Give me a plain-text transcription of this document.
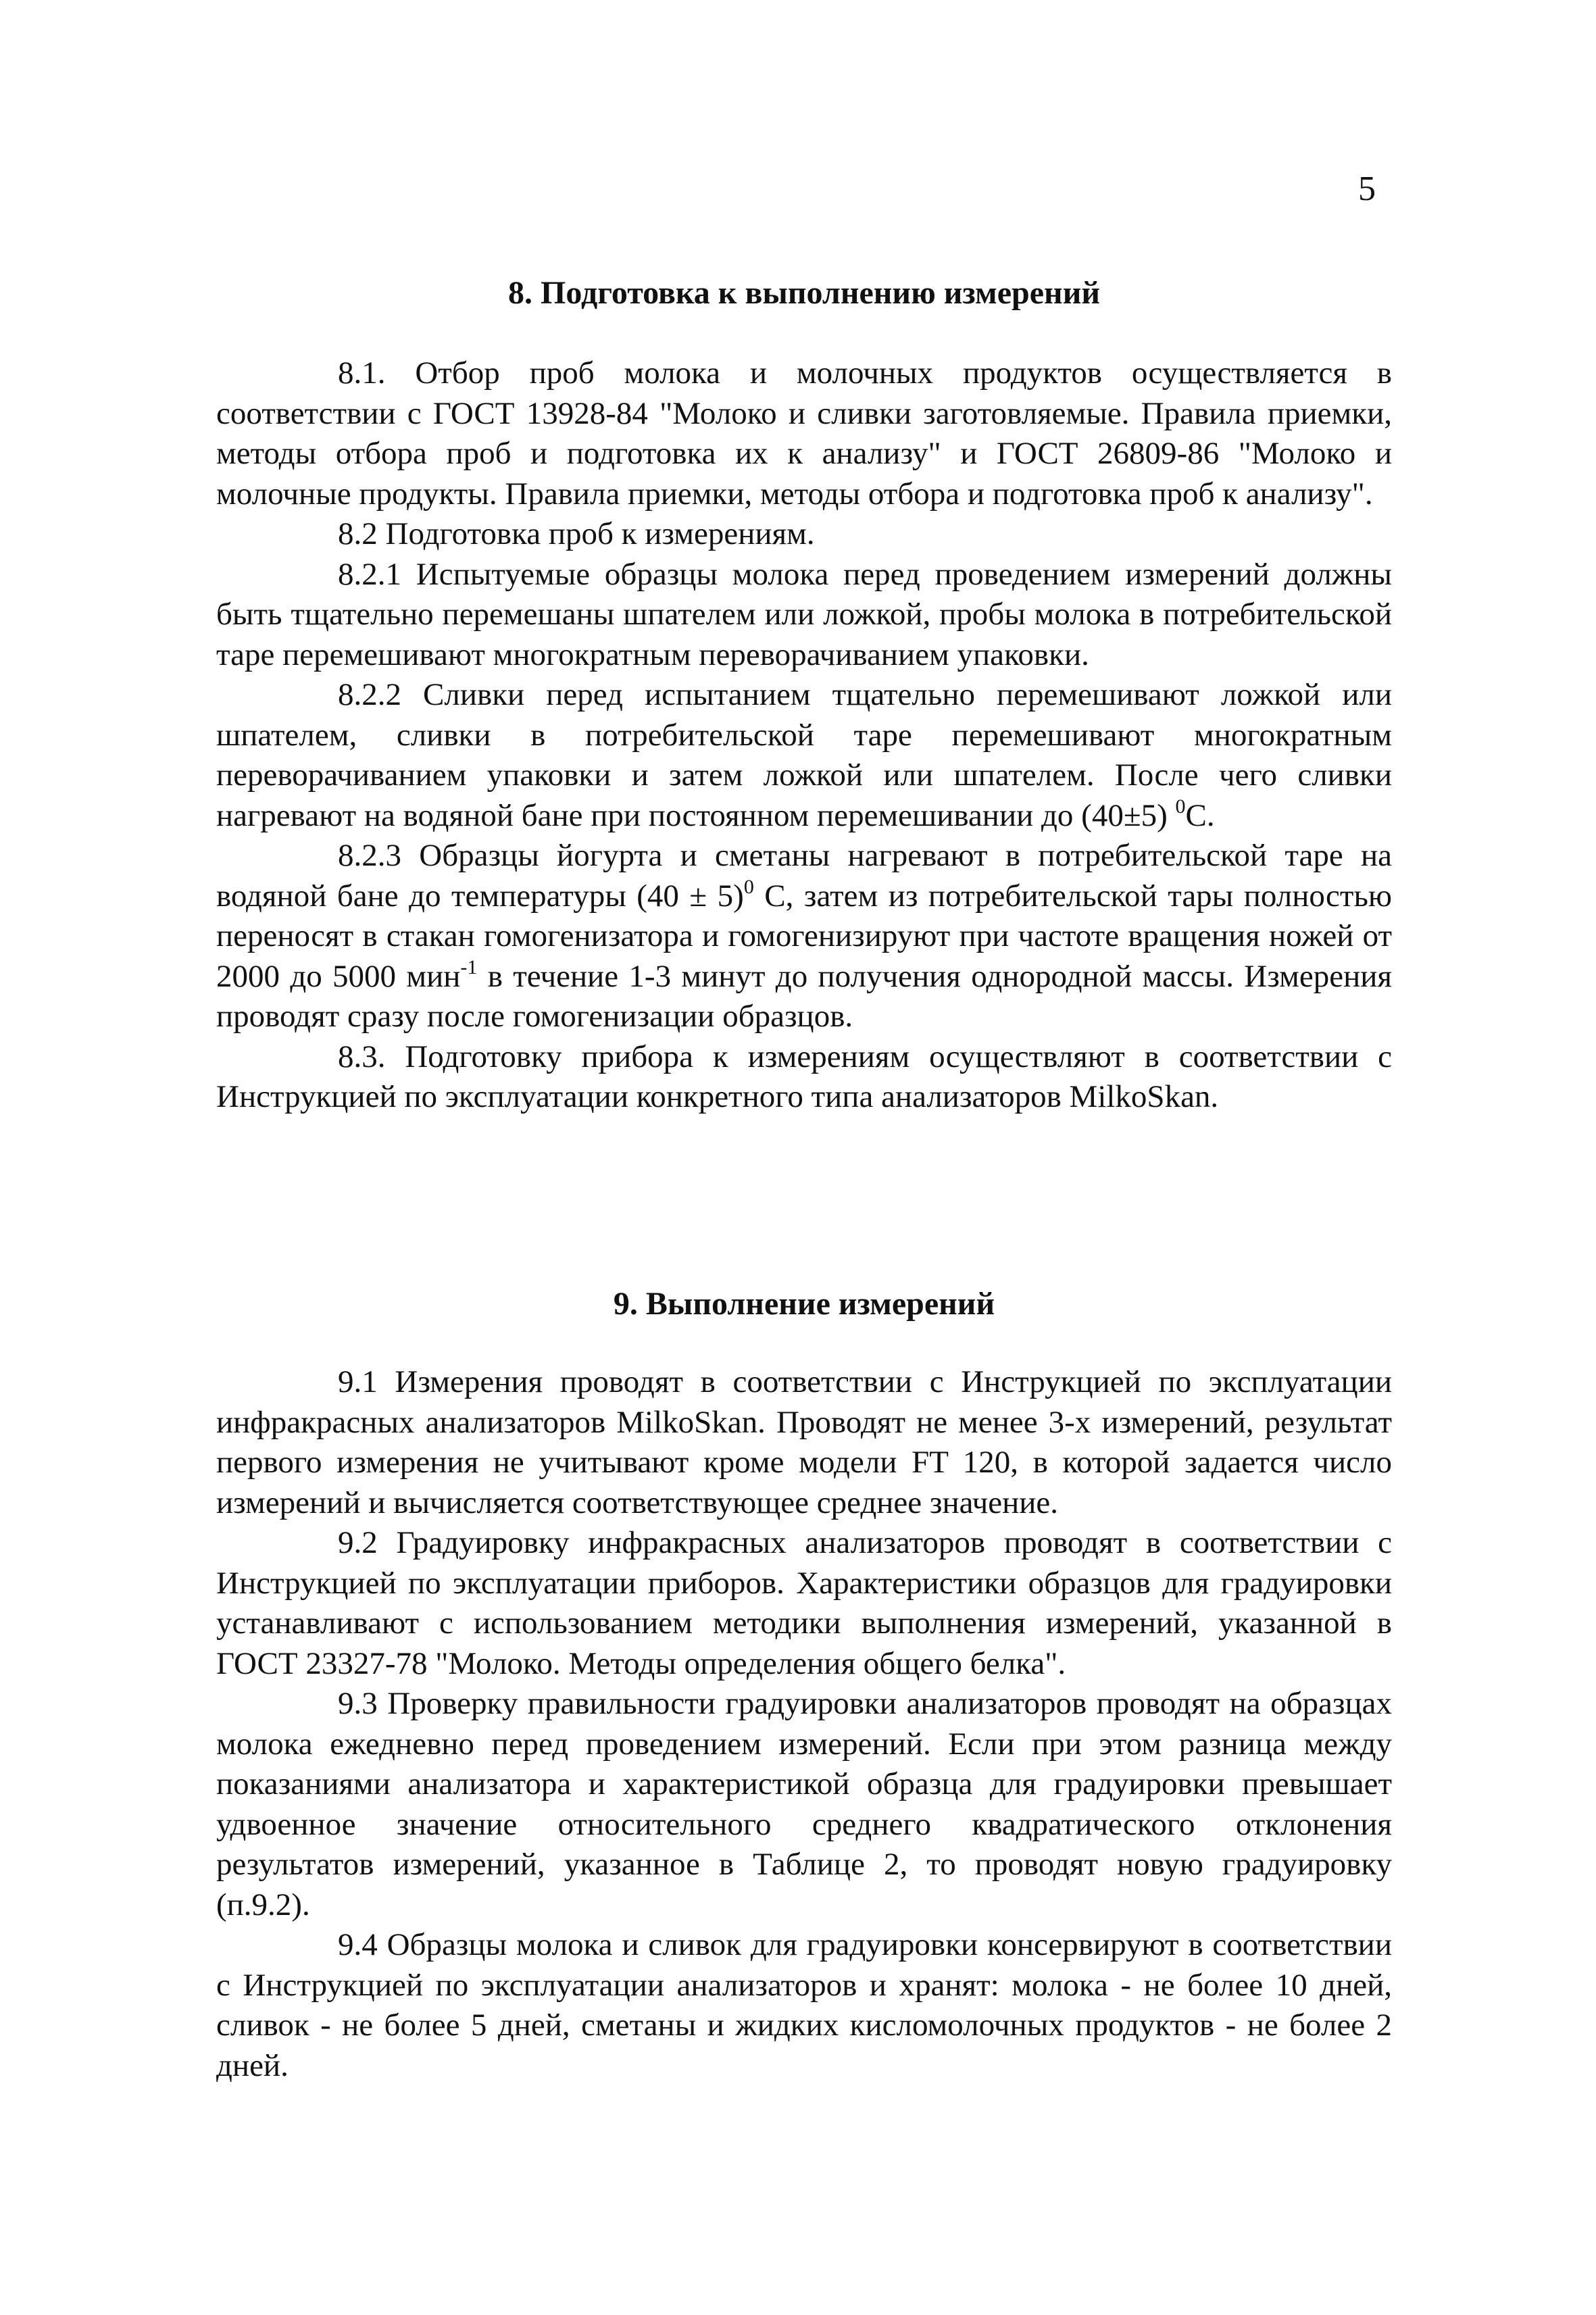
5
8. Подготовка к выполнению измерений

8.1. Отбор проб молока и молочных продуктов осуществляется в соответствии с ГОСТ 13928-84 "Молоко и сливки заготовляемые. Правила приемки, методы отбора проб и подготовка их к анализу" и ГОСТ 26809-86 "Молоко и молочные продукты. Правила приемки, методы отбора и подготовка проб к анализу".

8.2 Подготовка проб к измерениям.

8.2.1 Испытуемые образцы молока перед проведением измерений должны быть тщательно перемешаны шпателем или ложкой, пробы молока в потребительской таре перемешивают многократным переворачиванием упаковки.

8.2.2 Сливки перед испытанием тщательно перемешивают ложкой или шпателем, сливки в потребительской таре перемешивают многократным переворачиванием упаковки и затем ложкой или шпателем. После чего сливки нагревают на водяной бане при постоянном перемешивании до (40±5) $^0$С.

8.2.3 Образцы йогурта и сметаны нагревают в потребительской таре на водяной бане до температуры $(40 \pm 5)^0$ С, затем из потребительской тары полностью переносят в стакан гомогенизатора и гомогенизируют при частоте вращения ножей от 2000 до 5000 мин$^{-1}$ в течение 1-3 минут до получения однородной массы. Измерения проводят сразу после гомогенизации образцов.

8.3. Подготовку прибора к измерениям осуществляют в соответствии с Инструкцией по эксплуатации конкретного типа анализаторов MilkoSkan.

9. Выполнение измерений

9.1 Измерения проводят в соответствии с Инструкцией по эксплуатации инфракрасных анализаторов MilkoSkan. Проводят не менее 3-х измерений, результат первого измерения не учитывают кроме модели FT 120, в которой задается число измерений и вычисляется соответствующее среднее значение.

9.2 Градуировку инфракрасных анализаторов проводят в соответствии с Инструкцией по эксплуатации приборов. Характеристики образцов для градуировки устанавливают с использованием методики выполнения измерений, указанной в ГОСТ 23327-78 "Молоко. Методы определения общего белка".

9.3 Проверку правильности градуировки анализаторов проводят на образцах молока ежедневно перед проведением измерений. Если при этом разница между показаниями анализатора и характеристикой образца для градуировки превышает удвоенное значение относительного среднего квадратического отклонения результатов измерений, указанное в Таблице 2, то проводят новую градуировку (п.9.2).

9.4 Образцы молока и сливок для градуировки консервируют в соответствии с Инструкцией по эксплуатации анализаторов и хранят: молока - не более 10 дней, сливок - не более 5 дней, сметаны и жидких кисломолочных продуктов - не более 2 дней.
